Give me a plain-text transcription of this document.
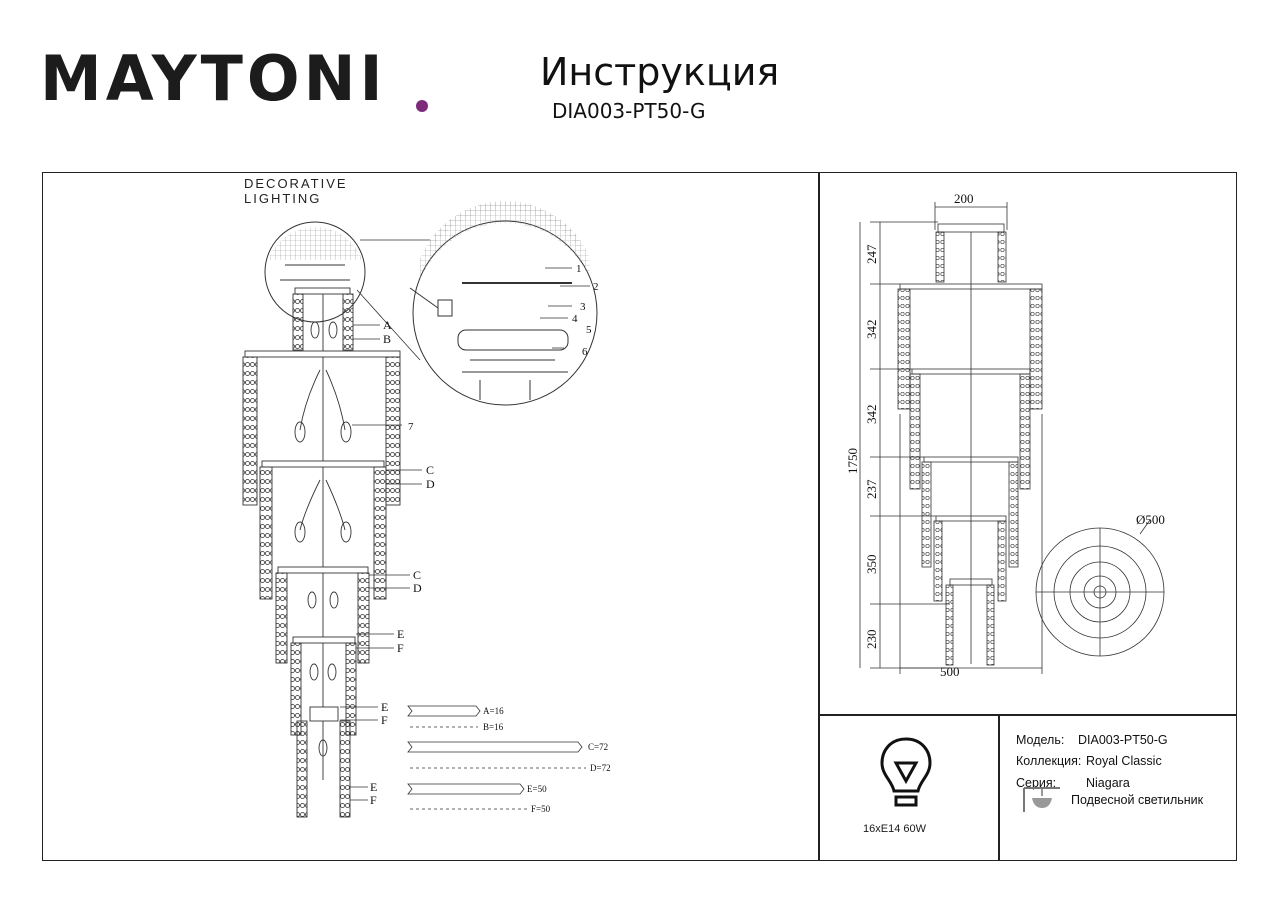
MAYTONI
DECORATIVE LIGHTING
Инструкция
DIA003-PT50-G
1
2
3
4
5
6
7
A
B
C
D
C
D
E
F
E
F
E
F
A=16
B=16
C=72
D=72
E=50
F=50
200
500
Ø500
1750
247
342
342
237
350
230
16xE14 60W
Модель: DIA003-PT50-G
Коллекция: Royal Classic
Серия: Niagara
Подвесной светильник
